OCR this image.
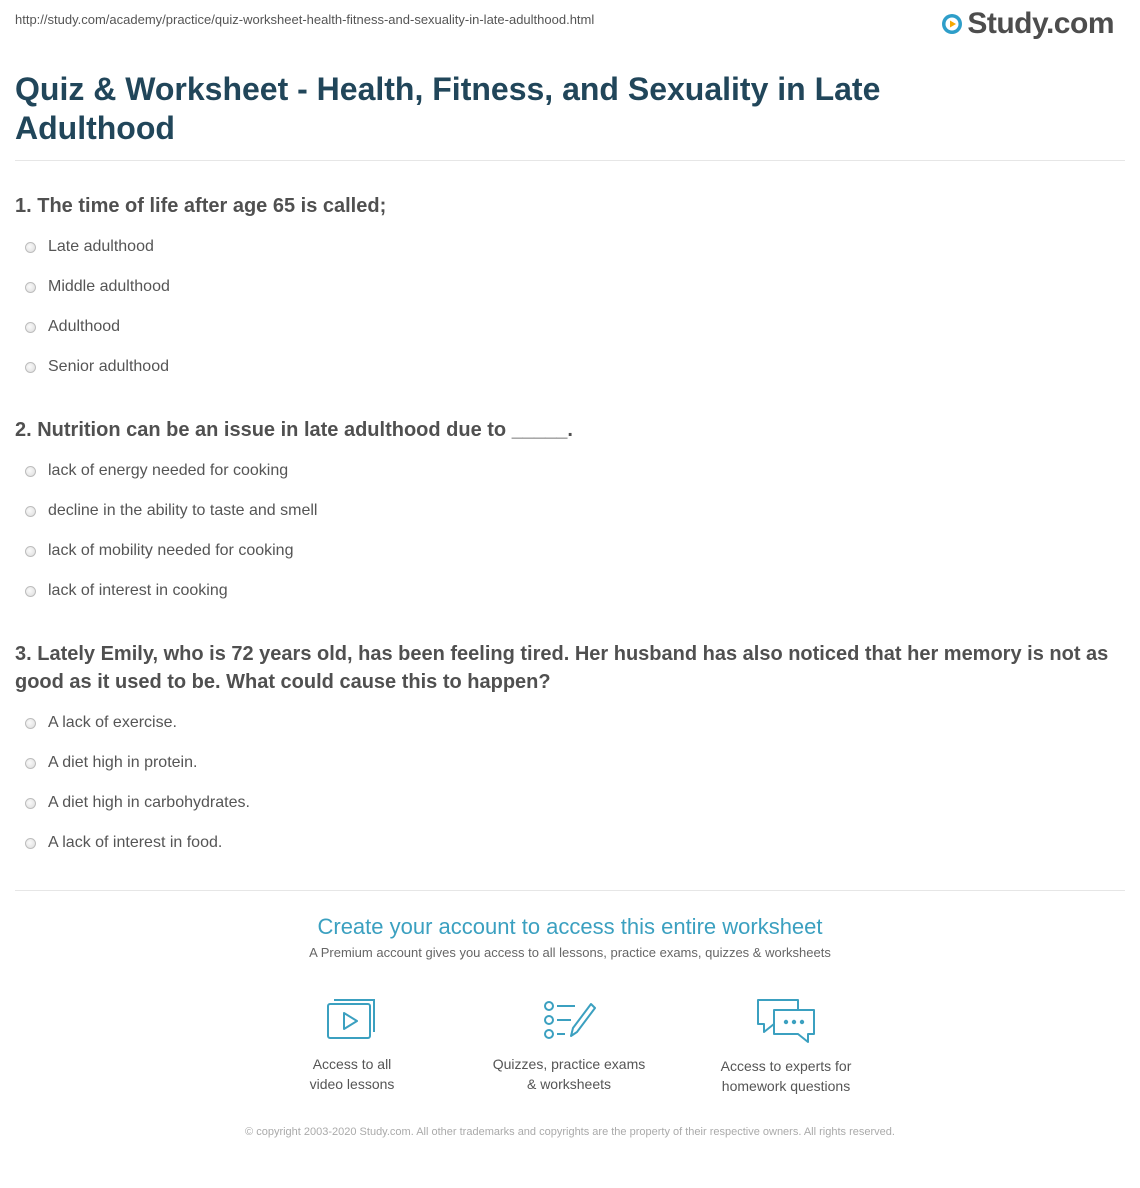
http://study.com/academy/practice/quiz-worksheet-health-fitness-and-sexuality-in-late-adulthood.html	Study.com
Quiz & Worksheet - Health, Fitness, and Sexuality in Late Adulthood

1. The time of life after age 65 is called;

Late adulthood
Middle adulthood
Adulthood
Senior adulthood

2. Nutrition can be an issue in late adulthood due to _____.

lack of energy needed for cooking
decline in the ability to taste and smell
lack of mobility needed for cooking
lack of interest in cooking

3. Lately Emily, who is 72 years old, has been feeling tired. Her husband has also noticed that her memory is not as good as it used to be. What could cause this to happen?

A lack of exercise.
A diet high in protein.
A diet high in carbohydrates.
A lack of interest in food.
Create your account to access this entire worksheet
A Premium account gives you access to all lessons, practice exams, quizzes & worksheets
Access to all
video lessons
Quizzes, practice exams
& worksheets
Access to experts for
homework questions
© copyright 2003-2020 Study.com. All other trademarks and copyrights are the property of their respective owners. All rights reserved.
